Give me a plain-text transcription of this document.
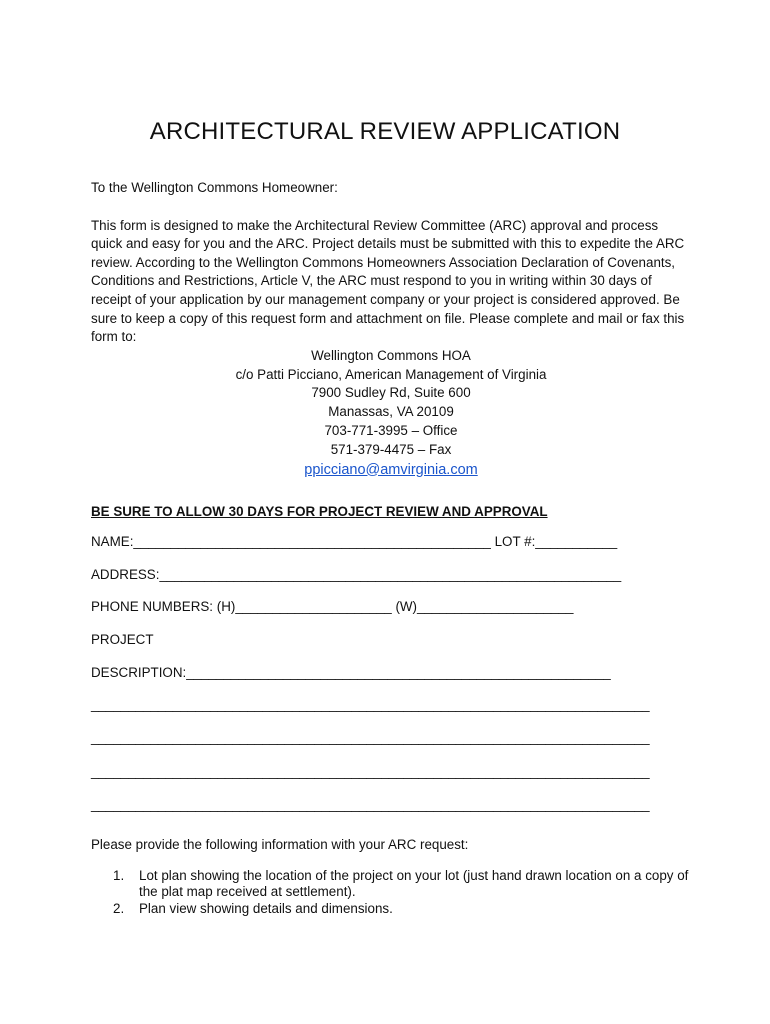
ARCHITECTURAL REVIEW APPLICATION

To the Wellington Commons Homeowner:

This form is designed to make the Architectural Review Committee (ARC) approval and process quick and easy for you and the ARC. Project details must be submitted with this to expedite the ARC review. According to the Wellington Commons Homeowners Association Declaration of Covenants, Conditions and Restrictions, Article V, the ARC must respond to you in writing within 30 days of receipt of your application by our management company or your project is considered approved. Be sure to keep a copy of this request form and attachment on file. Please complete and mail or fax this form to:

Wellington Commons HOA
c/o Patti Picciano, American Management of Virginia
7900 Sudley Rd, Suite 600
Manassas, VA 20109
703-771-3995 – Office
571-379-4475 – Fax
ppicciano@amvirginia.com

BE SURE TO ALLOW 30 DAYS FOR PROJECT REVIEW AND APPROVAL

NAME:________________________________________________ LOT #:___________

ADDRESS:______________________________________________________________

PHONE NUMBERS: (H)_____________________ (W)_____________________

PROJECT

DESCRIPTION:_________________________________________________________

___________________________________________________________________________

___________________________________________________________________________

___________________________________________________________________________

___________________________________________________________________________

Please provide the following information with your ARC request:

1. Lot plan showing the location of the project on your lot (just hand drawn location on a copy of the plat map received at settlement).
2. Plan view showing details and dimensions.
